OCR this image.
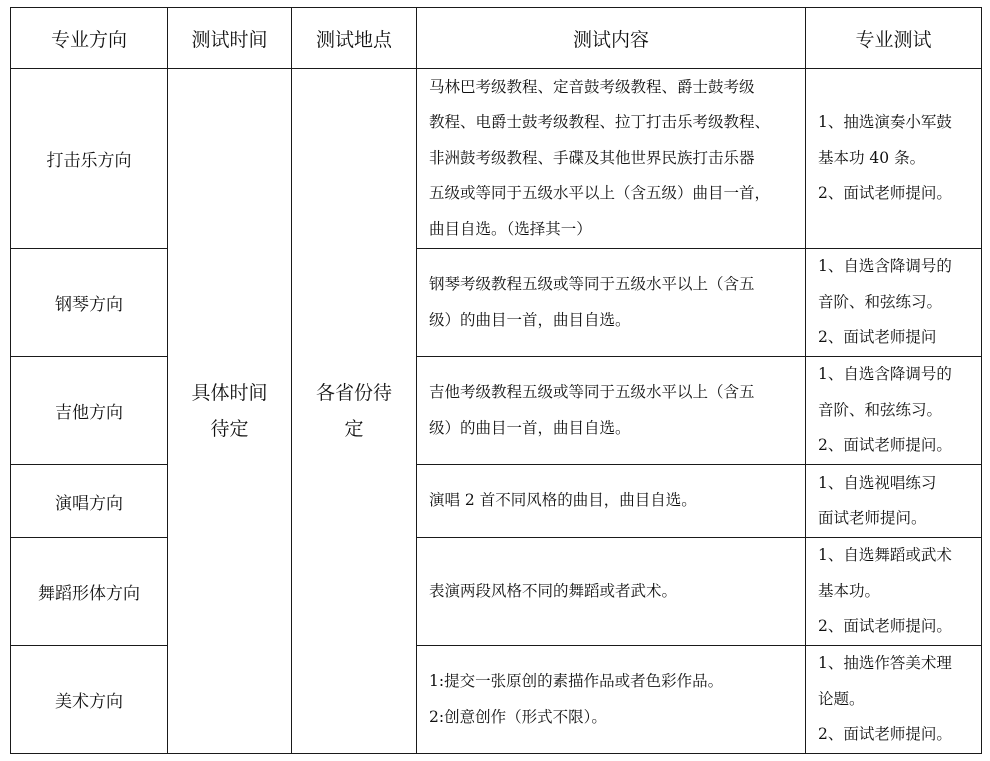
专业方向	测试时间	测试地点	测试内容	专业测试
打击乐方向	具体时间待定	各省份待定	马林巴考级教程、定音鼓考级教程、爵士鼓考级
教程、电爵士鼓考级教程、拉丁打击乐考级教程、
非洲鼓考级教程、手碟及其他世界民族打击乐器
五级或等同于五级水平以上（含五级）曲目一首，
曲目自选。（选择其一）	1、抽选演奏小军鼓
基本功 40 条。
2、面试老师提问。

钢琴方向			钢琴考级教程五级或等同于五级水平以上（含五
级）的曲目一首，曲目自选。	1、自选含降调号的
音阶、和弦练习。
2、面试老师提问

吉他方向			吉他考级教程五级或等同于五级水平以上（含五
级）的曲目一首，曲目自选。	1、自选含降调号的
音阶、和弦练习。
2、面试老师提问。

演唱方向			演唱 2 首不同风格的曲目，曲目自选。	1、自选视唱练习
面试老师提问。

舞蹈形体方向			表演两段风格不同的舞蹈或者武术。	1、自选舞蹈或武术
基本功。
2、面试老师提问。

美术方向			1:提交一张原创的素描作品或者色彩作品。
2:创意创作（形式不限）。	1、抽选作答美术理
论题。
2、面试老师提问。
